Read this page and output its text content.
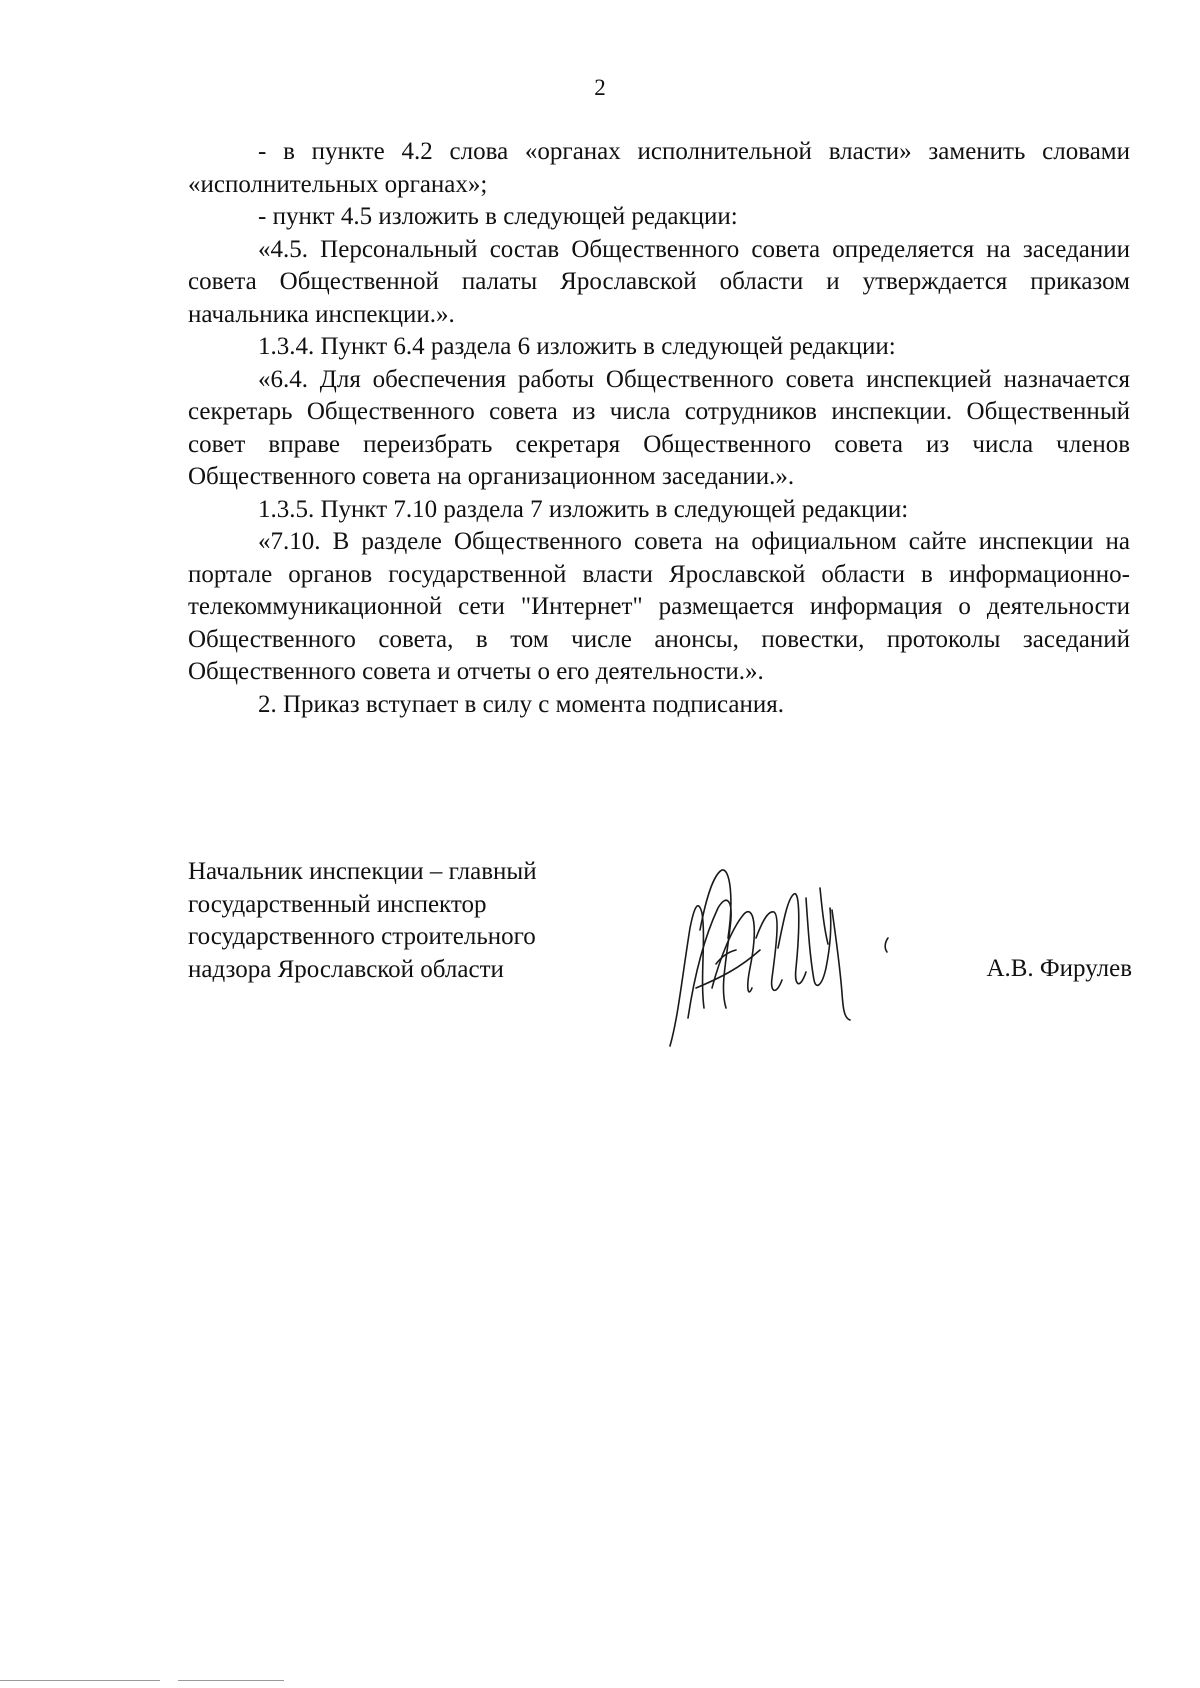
2

- в пункте 4.2 слова «органах исполнительной власти» заменить словами «исполнительных органах»;

- пункт 4.5 изложить в следующей редакции:

«4.5. Персональный состав Общественного совета определяется на заседании совета Общественной палаты Ярославской области и утверждается приказом начальника инспекции.».

1.3.4. Пункт 6.4 раздела 6 изложить в следующей редакции:

«6.4. Для обеспечения работы Общественного совета инспекцией назначается секретарь Общественного совета из числа сотрудников инспекции. Общественный совет вправе переизбрать секретаря Общественного совета из числа членов Общественного совета на организационном заседании.».

1.3.5. Пункт 7.10 раздела 7 изложить в следующей редакции:

«7.10. В разделе Общественного совета на официальном сайте инспекции на портале органов государственной власти Ярославской области в информационно-телекоммуникационной сети "Интернет" размещается информация о деятельности Общественного совета, в том числе анонсы, повестки, протоколы заседаний Общественного совета и отчеты о его деятельности.».

2. Приказ вступает в силу с момента подписания.

Начальник инспекции – главный
государственный инспектор
государственного строительного
надзора Ярославской области	А.В. Фирулев
